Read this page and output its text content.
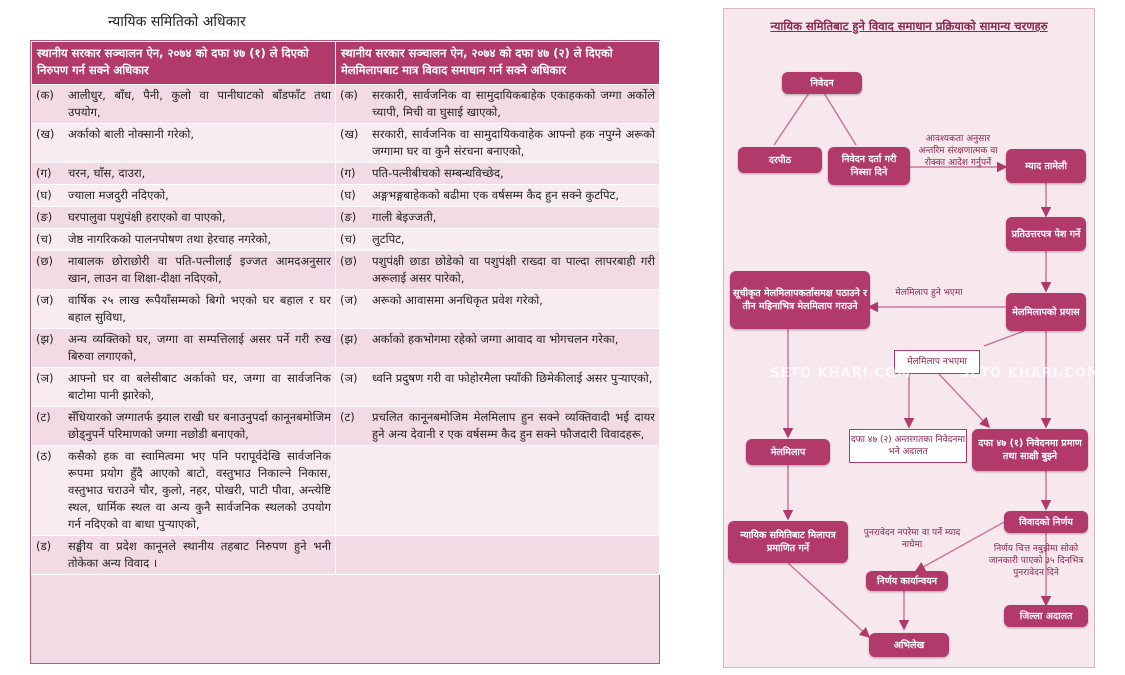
न्यायिक समितिको अधिकार
स्थानीय सरकार सञ्चालन ऐन, २०७४ को दफा ४७ (१) ले दिएको निरुपण गर्न सक्ने अधिकार	स्थानीय सरकार सञ्चालन ऐन, २०७४ को दफा ४७ (२) ले दिएको मेलमिलापबाट मात्र विवाद समाधान गर्न सक्ने अधिकार

(क) आलीधुर, बाँध, पैनी, कुलो वा पानीघाटको बाँडफाँट तथा उपयोग,	(क) सरकारी, सार्वजनिक वा सामुदायिकबाहेक एकाहकको जग्गा अर्कोले च्यापी, मिची वा घुसाई खाएको,

(ख) अर्काको बाली नोक्सानी गरेको,	(ख) सरकारी, सार्वजनिक वा सामुदायिकवाहेक आफ्नो हक नपुग्ने अरूको जग्गामा घर वा कुनै संरचना बनाएको,

(ग) चरन, घाँस, दाउरा,	(ग) पति-पत्नीबीचको सम्बन्धविच्छेद,

(घ) ज्याला मजदुरी नदिएको,	(घ) अङ्गभङ्गबाहेकको बढीमा एक वर्षसम्म कैद हुन सक्ने कुटपिट,

(ङ) घरपालुवा पशुपंक्षी हराएको वा पाएको,	(ङ) गाली बेइज्जती,

(च) जेष्ठ नागरिकको पालनपोषण तथा हेरचाह नगरेको,	(च) लुटपिट,

(छ) नाबालक छोराछोरी वा पति-पत्नीलाई इज्जत आमदअनुसार खान, लाउन वा शिक्षा-दीक्षा नदिएको,	(छ) पशुपंक्षी छाडा छोडेको वा पशुपंक्षी राख्दा वा पाल्दा लापरबाही गरी अरूलाई असर पारेको,

(ज) वार्षिक २५ लाख रूपैयाँसम्मको बिगो भएको घर बहाल र घर बहाल सुविधा,	(ज) अरूको आवासमा अनधिकृत प्रवेश गरेको,

(झ) अन्य व्यक्तिको घर, जग्गा वा सम्पत्तिलाई असर पर्ने गरी रुख बिरुवा लगाएको,	(झ) अर्काको हकभोगमा रहेको जग्गा आवाद वा भोगचलन गरेका,

(ञ) आफ्नो घर वा बलेसीबाट अर्काको घर, जग्गा वा सार्वजनिक बाटोमा पानी झारेको,	(ञ) ध्वनि प्रदुषण गरी वा फोहोरमैला फ्याँकी छिमेकीलाई असर पुर्‍याएको,

(ट) सँधियारको जग्गातर्फ झ्याल राखी घर बनाउनुपर्दा कानूनबमोजिम छोड्नुपर्ने परिमाणको जग्गा नछोडी बनाएको,	(ट) प्रचलित कानूनबमोजिम मेलमिलाप हुन सक्ने व्यक्तिवादी भई दायर हुने अन्य देवानी र एक वर्षसम्म कैद हुन सक्ने फौजदारी विवादहरू,

(ठ) कसैको हक वा स्वामित्वमा भए पनि परापूर्वदेखि सार्वजनिक रूपमा प्रयोग हुँदै आएको बाटो, वस्तुभाउ निकाल्ने निकास, वस्तुभाउ चराउने चौर, कुलो, नहर, पोखरी, पाटी पौवा, अन्त्येष्टि स्थल, धार्मिक स्थल वा अन्य कुनै सार्वजनिक स्थलको उपयोग गर्न नदिएको वा बाधा पुर्‍याएको,	

(ड) सङ्घीय वा प्रदेश कानूनले स्थानीय तहबाट निरुपण हुने भनी तोकेका अन्य विवाद ।	

न्यायिक समितिबाट हुने विवाद समाधान प्रक्रियाको सामान्य चरणहरु
निवेदन
दरपीठ	निवेदन दर्ता गरी निस्सा दिने
आवश्यकता अनुसार अन्तरिम संरक्षणात्मक वा रोक्का आदेश गर्नुपर्ने	म्याद तामेली
प्रतिउत्तरपत्र पेश गर्ने
मेलमिलापको प्रयास
मेलमिलाप हुने भएमा
सूचीकृत मेलमिलापकर्तासमक्ष पठाउने र तीन महिनाभित्र मेलमिलाप गराउने
मेलमिलाप नभएमा
दफा ४७ (२) अन्तरगतका निवेदनमा भने अदालत
दफा ४७ (१) निवेदनमा प्रमाण तथा साक्षी बुझ्ने
मेलमिलाप
न्यायिक समितिबाट मिलापत्र प्रमाणित गर्ने
विवादको निर्णय
पुनरावेदन नपरेमा वा पर्ने म्याद नाघेमा	निर्णय चित्त नबुझेमा सोको जानकारी पाएको ३५ दिनभित्र पुनरावेदन दिने
निर्णय कार्यान्वयन
जिल्ला अदालत
अभिलेख
SETO KHARI.COM	SETO KHARI.COM
